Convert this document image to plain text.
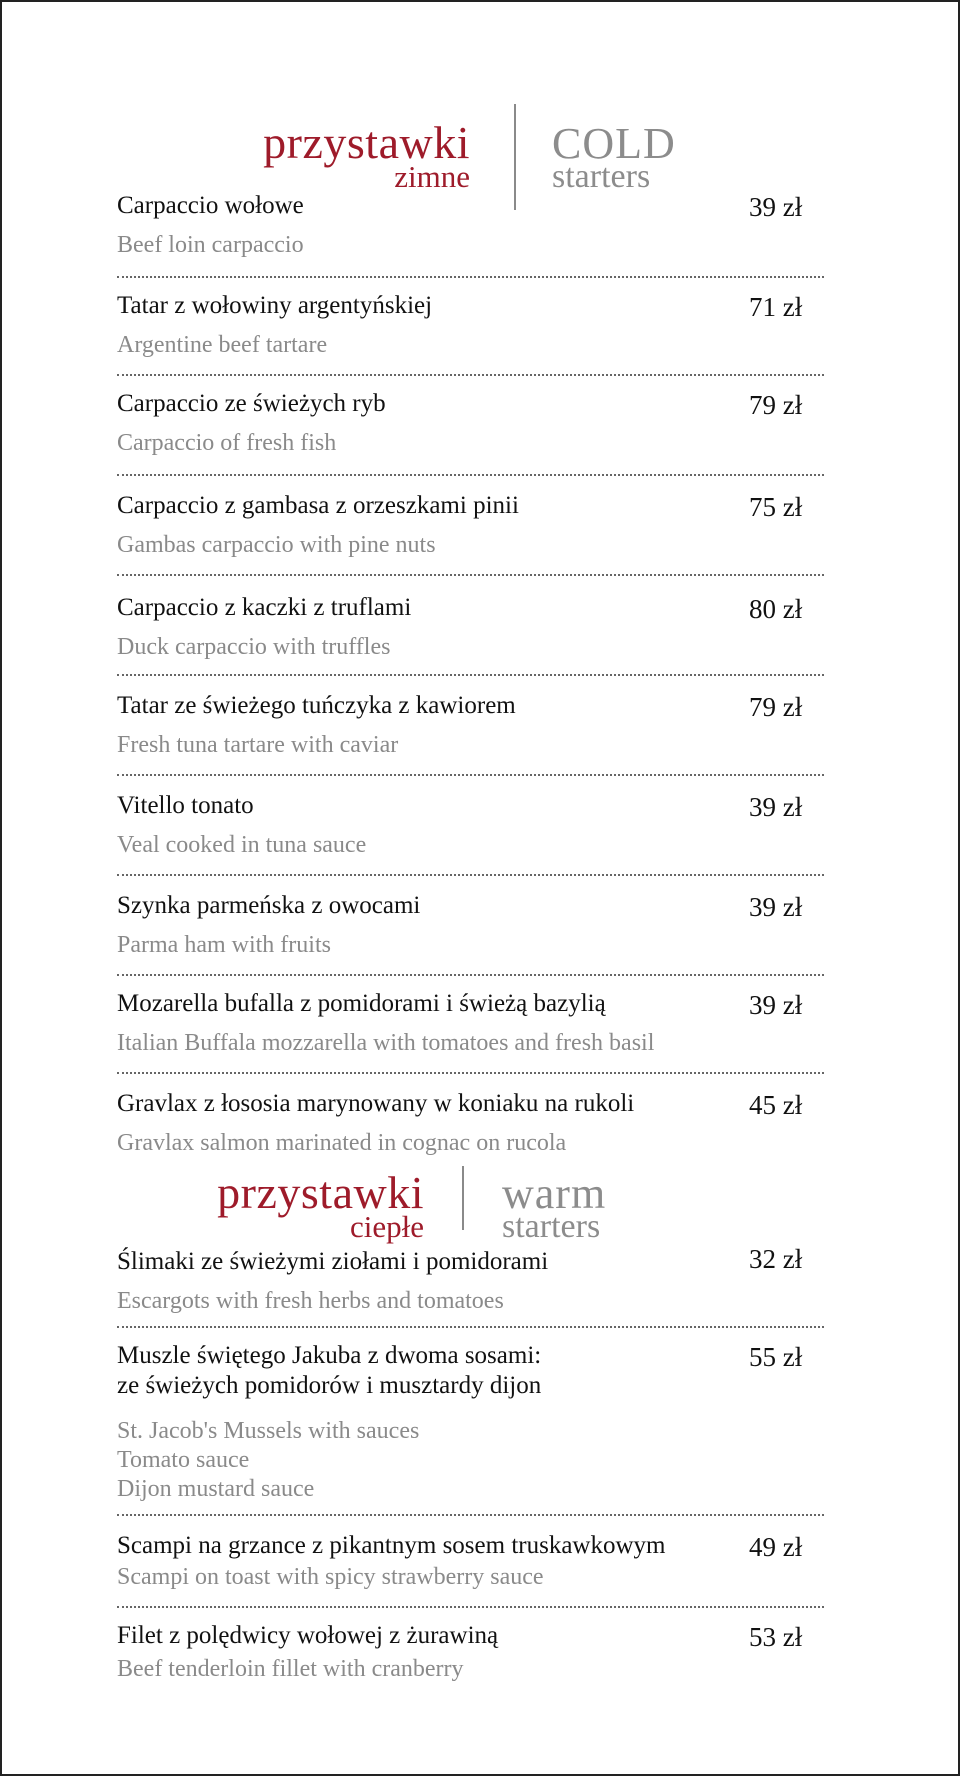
przystawki
zimne
COLD
starters
Carpaccio wołowe
Beef loin carpaccio
39 zł
Tatar z wołowiny argentyńskiej
Argentine beef tartare
71 zł
Carpaccio ze świeżych ryb
Carpaccio of fresh fish
79 zł
Carpaccio z gambasa z orzeszkami pinii
Gambas carpaccio with pine nuts
75 zł
Carpaccio z kaczki z truflami
Duck carpaccio with truffles
80 zł
Tatar ze świeżego tuńczyka z kawiorem
Fresh tuna tartare with caviar
79 zł
Vitello tonato
Veal cooked in tuna sauce
39 zł
Szynka parmeńska z owocami
Parma ham with fruits
39 zł
Mozarella bufalla z pomidorami i świeżą bazylią
Italian Buffala mozzarella with tomatoes and fresh basil
39 zł
Gravlax z łososia marynowany w koniaku na rukoli
Gravlax salmon marinated in cognac on rucola
45 zł
przystawki
ciepłe
warm
starters
Ślimaki ze świeżymi ziołami i pomidorami
Escargots with fresh herbs and tomatoes
32 zł
Muszle świętego Jakuba z dwoma sosami:
ze świeżych pomidorów i musztardy dijon
St. Jacob's Mussels with sauces
Tomato sauce
Dijon mustard sauce
55 zł
Scampi na grzance z pikantnym sosem truskawkowym
Scampi on toast with spicy strawberry sauce
49 zł
Filet z polędwicy wołowej z żurawiną
Beef tenderloin fillet with cranberry
53 zł
